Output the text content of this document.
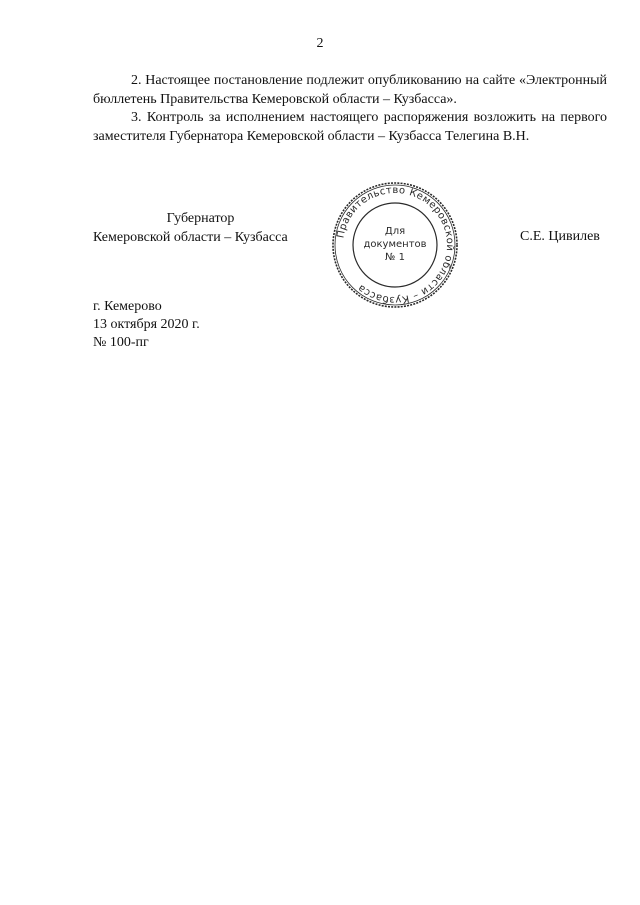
2

2. Настоящее постановление подлежит опубликованию на сайте «Электронный бюллетень Правительства Кемеровской области – Кузбасса».

3. Контроль за исполнением настоящего распоряжения возложить на первого заместителя Губернатора Кемеровской области – Кузбасса Телегина В.Н.

Губернатор
Кемеровской области – Кузбасса	Правительство Кемеровской области – Кузбасса
Для
документов
№ 1
С.Е. Цивилев
г. Кемерово
13 октября 2020 г.
№ 100-пг
